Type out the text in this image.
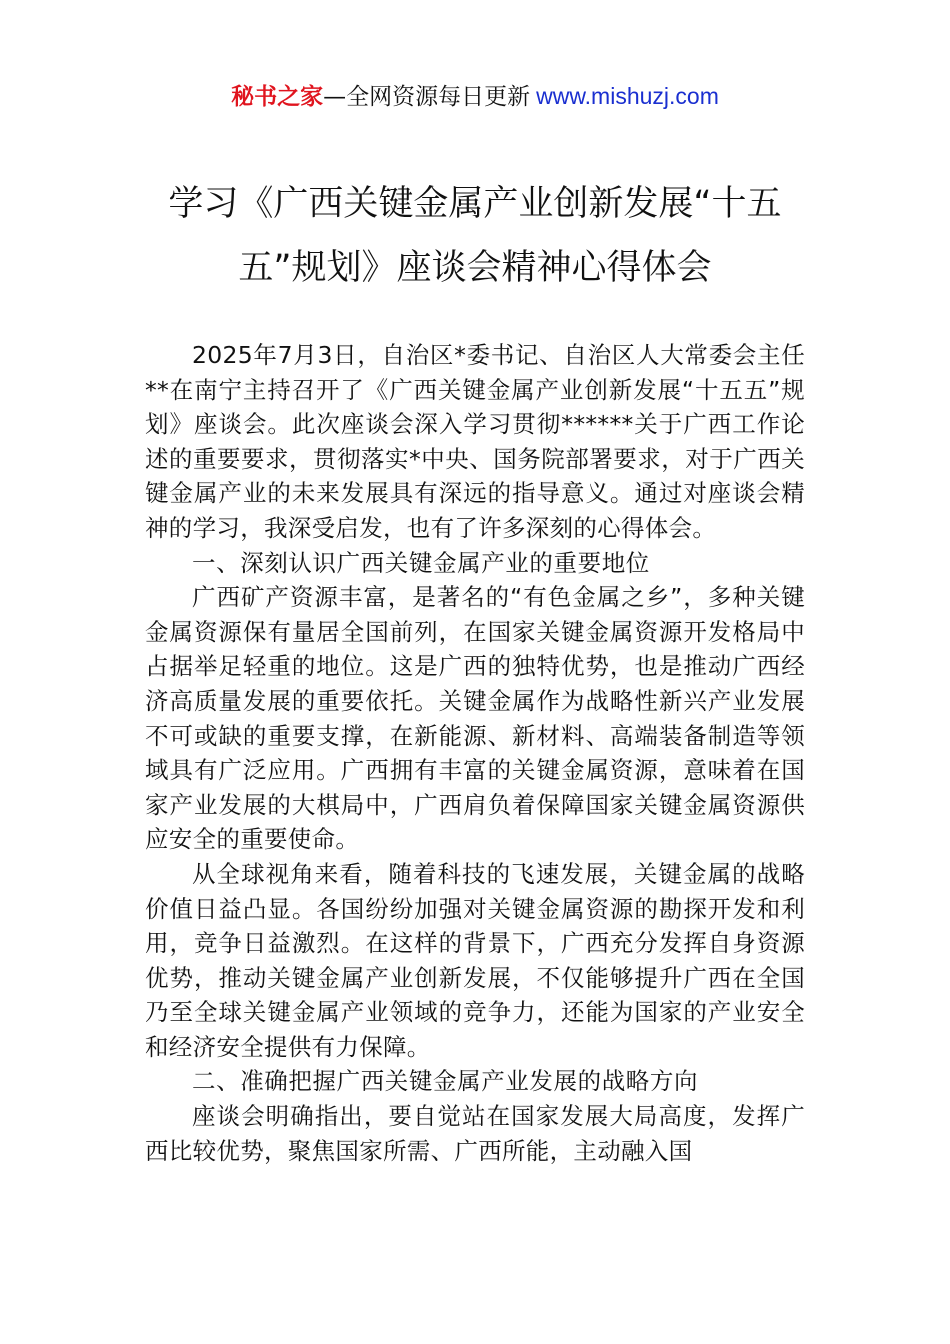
秘书之家—全网资源每日更新 www.mishuzj.com
学习《广西关键金属产业创新发展“十五
五”规划》座谈会精神心得体会

2025年7月3日，自治区*委书记、自治区人大常委会主任**在南宁主持召开了《广西关键金属产业创新发展“十五五”规划》座谈会。此次座谈会深入学习贯彻******关于广西工作论述的重要要求，贯彻落实*中央、国务院部署要求，对于广西关键金属产业的未来发展具有深远的指导意义。通过对座谈会精神的学习，我深受启发，也有了许多深刻的心得体会。

一、深刻认识广西关键金属产业的重要地位

广西矿产资源丰富，是著名的“有色金属之乡”，多种关键金属资源保有量居全国前列，在国家关键金属资源开发格局中占据举足轻重的地位。这是广西的独特优势，也是推动广西经济高质量发展的重要依托。关键金属作为战略性新兴产业发展不可或缺的重要支撑，在新能源、新材料、高端装备制造等领域具有广泛应用。广西拥有丰富的关键金属资源，意味着在国家产业发展的大棋局中，广西肩负着保障国家关键金属资源供应安全的重要使命。

从全球视角来看，随着科技的飞速发展，关键金属的战略价值日益凸显。各国纷纷加强对关键金属资源的勘探开发和利用，竞争日益激烈。在这样的背景下，广西充分发挥自身资源优势，推动关键金属产业创新发展，不仅能够提升广西在全国乃至全球关键金属产业领域的竞争力，还能为国家的产业安全和经济安全提供有力保障。

二、准确把握广西关键金属产业发展的战略方向

座谈会明确指出，要自觉站在国家发展大局高度，发挥广西比较优势，聚焦国家所需、广西所能，主动融入国
